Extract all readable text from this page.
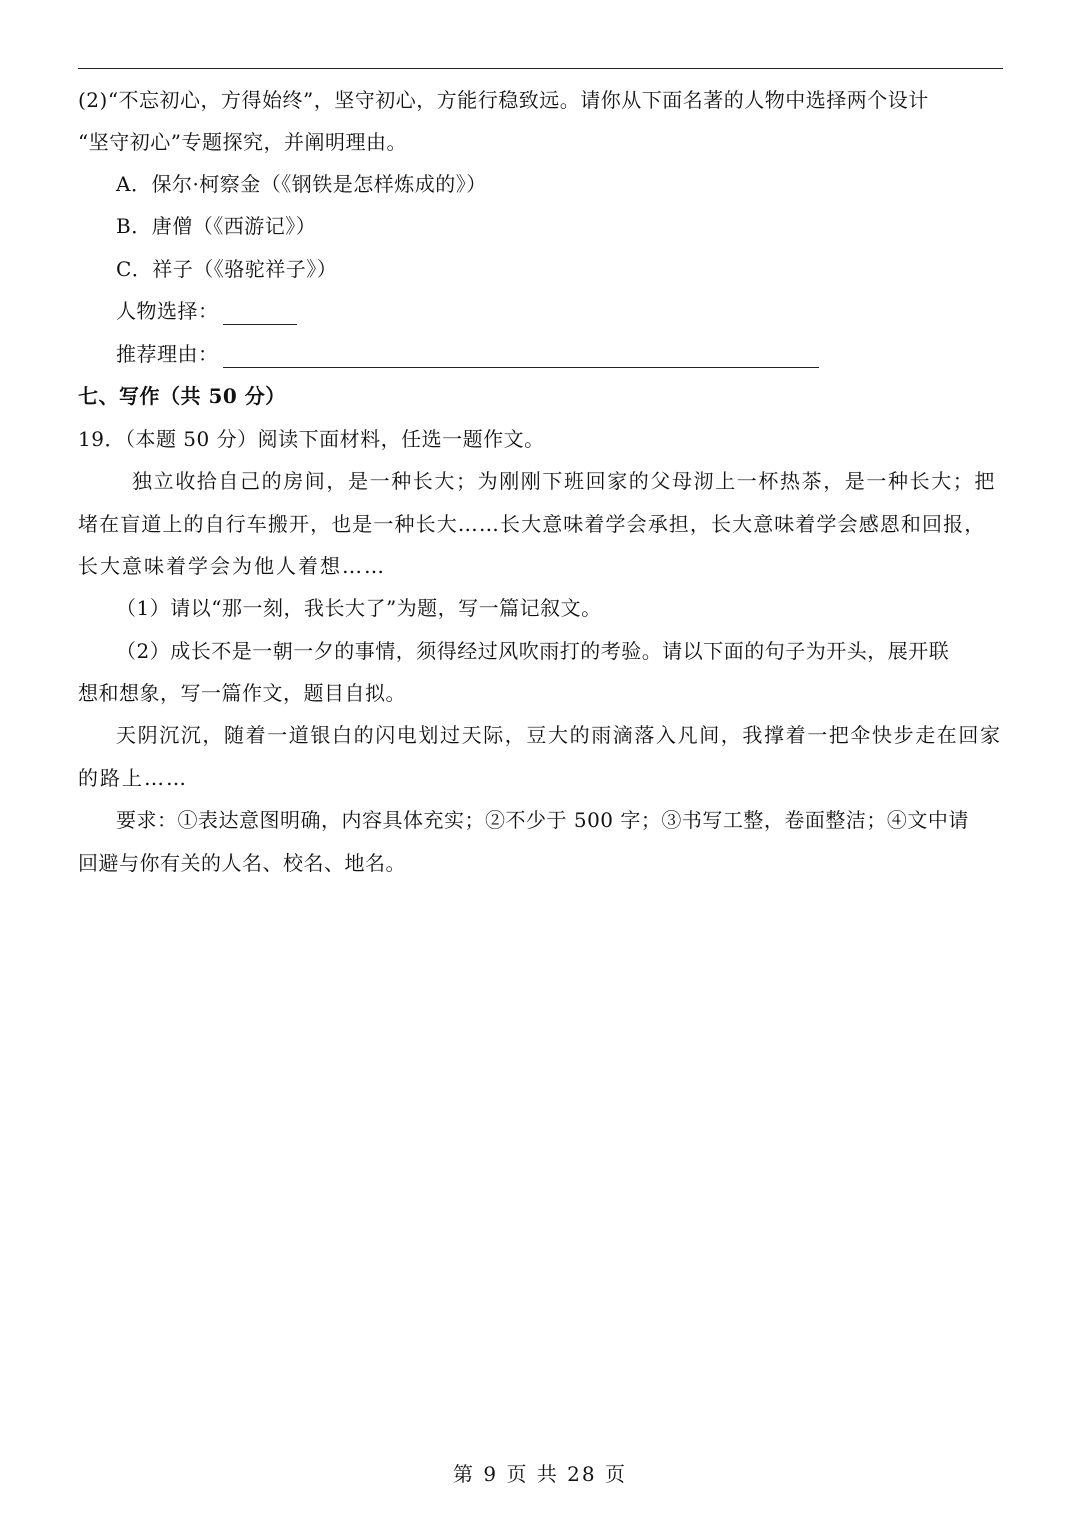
(2)“不忘初心，方得始终”，坚守初心，方能行稳致远。请你从下面名著的人物中选择两个设计
“坚守初心”专题探究，并阐明理由。
A．保尔·柯察金（《钢铁是怎样炼成的》）
B．唐僧（《西游记》）
C．祥子（《骆驼祥子》）
人物选择：
推荐理由：
七、写作（共 50 分）
19．（本题 50 分）阅读下面材料，任选一题作文。
独立收拾自己的房间，是一种长大；为刚刚下班回家的父母沏上一杯热茶，是一种长大；把
堵在盲道上的自行车搬开，也是一种长大……长大意味着学会承担，长大意味着学会感恩和回报，
长大意味着学会为他人着想……
（1）请以“那一刻，我长大了”为题，写一篇记叙文。
（2）成长不是一朝一夕的事情，须得经过风吹雨打的考验。请以下面的句子为开头，展开联
想和想象，写一篇作文，题目自拟。
天阴沉沉，随着一道银白的闪电划过天际，豆大的雨滴落入凡间，我撑着一把伞快步走在回家
的路上……
要求：①表达意图明确，内容具体充实；②不少于 500 字；③书写工整，卷面整洁；④文中请
回避与你有关的人名、校名、地名。
第 9 页 共 28 页
